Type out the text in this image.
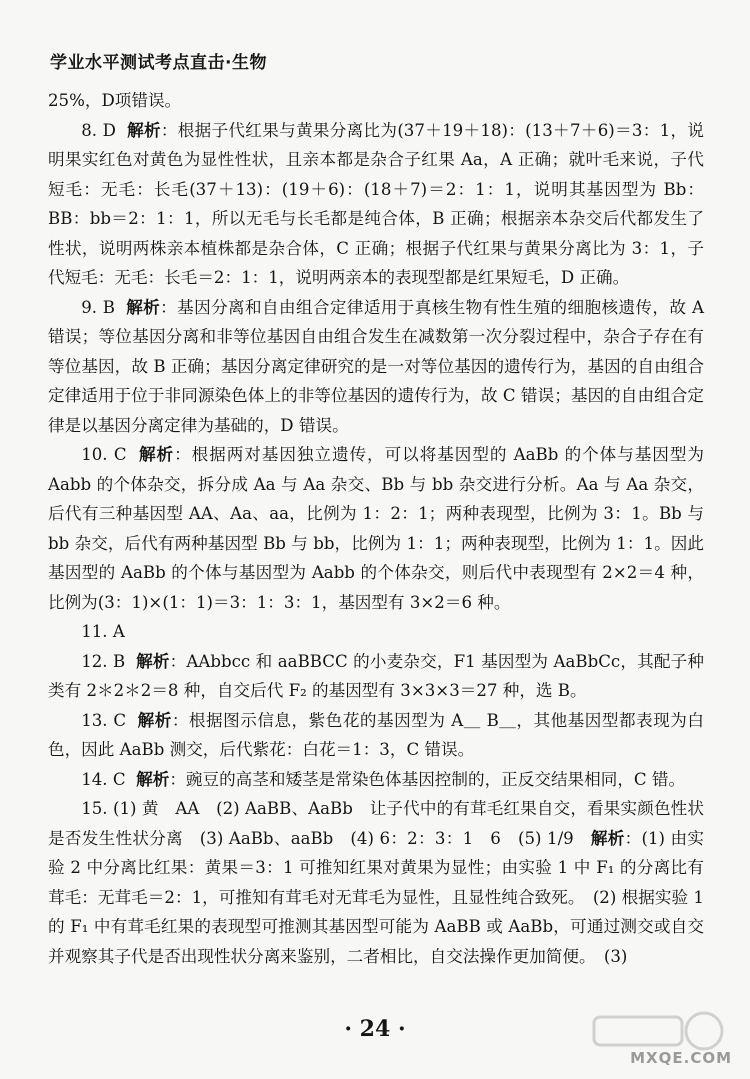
学业水平测试考点直击·生物

25%，D项错误。

8. D 解析：根据子代红果与黄果分离比为(37＋19＋18)：(13＋7＋6)＝3：1，说明果实红色对黄色为显性性状，且亲本都是杂合子红果 Aa，A 正确；就叶毛来说，子代短毛：无毛：长毛(37＋13)：(19＋6)：(18＋7)＝2：1：1，说明其基因型为 Bb：BB：bb＝2：1：1，所以无毛与长毛都是纯合体，B 正确；根据亲本杂交后代都发生了性状，说明两株亲本植株都是杂合体，C 正确；根据子代红果与黄果分离比为 3：1，子代短毛：无毛：长毛＝2：1：1，说明两亲本的表现型都是红果短毛，D 正确。

9. B 解析：基因分离和自由组合定律适用于真核生物有性生殖的细胞核遗传，故 A 错误；等位基因分离和非等位基因自由组合发生在减数第一次分裂过程中，杂合子存在有等位基因，故 B 正确；基因分离定律研究的是一对等位基因的遗传行为，基因的自由组合定律适用于位于非同源染色体上的非等位基因的遗传行为，故 C 错误；基因的自由组合定律是以基因分离定律为基础的，D 错误。

10. C 解析：根据两对基因独立遗传，可以将基因型的 AaBb 的个体与基因型为 Aabb 的个体杂交，拆分成 Aa 与 Aa 杂交、Bb 与 bb 杂交进行分析。Aa 与 Aa 杂交，后代有三种基因型 AA、Aa、aa，比例为 1：2：1；两种表现型，比例为 3：1。Bb 与 bb 杂交，后代有两种基因型 Bb 与 bb，比例为 1：1；两种表现型，比例为 1：1。因此基因型的 AaBb 的个体与基因型为 Aabb 的个体杂交，则后代中表现型有 2×2＝4 种，比例为(3：1)×(1：1)＝3：1：3：1，基因型有 3×2＝6 种。

11. A

12. B 解析：AAbbcc 和 aaBBCC 的小麦杂交，F1 基因型为 AaBbCc，其配子种类有 2＊2＊2＝8 种，自交后代 F₂ 的基因型有 3×3×3＝27 种，选 B。

13. C 解析：根据图示信息，紫色花的基因型为 A＿ B＿，其他基因型都表现为白色，因此 AaBb 测交，后代紫花：白花＝1：3，C 错误。

14. C 解析：豌豆的高茎和矮茎是常染色体基因控制的，正反交结果相同，C 错。

15. (1) 黄　AA　(2) AaBB、AaBb　让子代中的有茸毛红果自交，看果实颜色性状是否发生性状分离　(3) AaBb、aaBb　(4) 6：2：3：1　6　(5) 1/9　解析：(1) 由实验 2 中分离比红果：黄果＝3：1 可推知红果对黄果为显性；由实验 1 中 F₁ 的分离比有茸毛：无茸毛＝2：1，可推知有茸毛对无茸毛为显性，且显性纯合致死。　(2) 根据实验 1 的 F₁ 中有茸毛红果的表现型可推测其基因型可能为 AaBB 或 AaBb，可通过测交或自交并观察其子代是否出现性状分离来鉴别，二者相比，自交法操作更加简便。　(3)

· 24 ·
MXQE.COM
